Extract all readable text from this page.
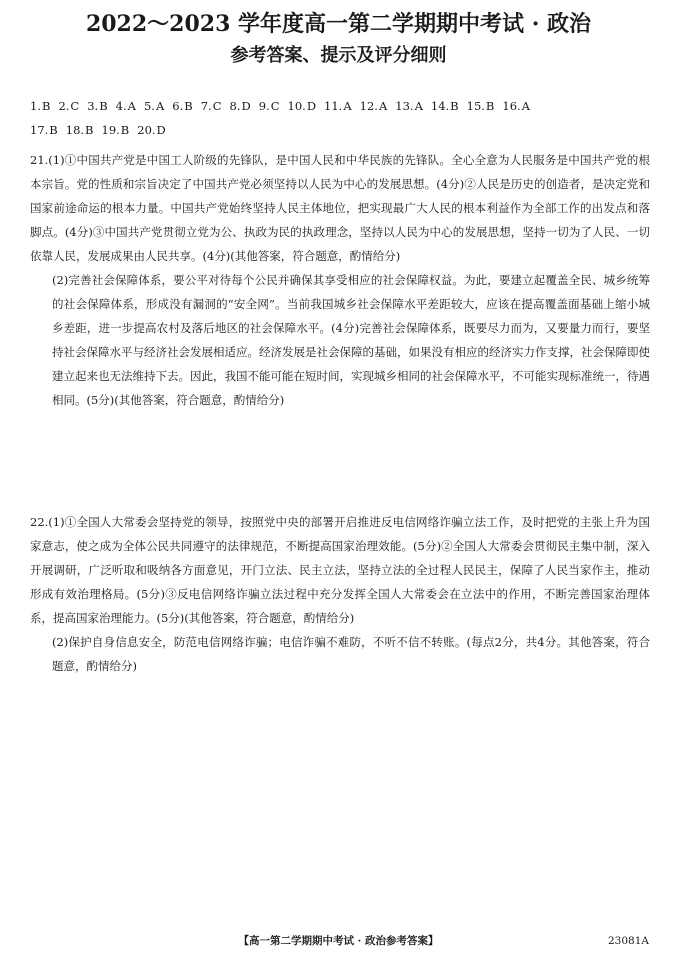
2022～2023 学年度高一第二学期期中考试 · 政治
参考答案、提示及评分细则
1.B 2.C 3.B 4.A 5.A 6.B 7.C 8.D 9.C 10.D 11.A 12.A 13.A 14.B 15.B 16.A
17.B 18.B 19.B 20.D

21.(1)①中国共产党是中国工人阶级的先锋队，是中国人民和中华民族的先锋队。全心全意为人民服务是中国共产党的根本宗旨。党的性质和宗旨决定了中国共产党必须坚持以人民为中心的发展思想。(4分)②人民是历史的创造者，是决定党和国家前途命运的根本力量。中国共产党始终坚持人民主体地位，把实现最广大人民的根本利益作为全部工作的出发点和落脚点。(4分)③中国共产党贯彻立党为公、执政为民的执政理念，坚持以人民为中心的发展思想，坚持一切为了人民、一切依靠人民，发展成果由人民共享。(4分)(其他答案，符合题意，酌情给分)

(2)完善社会保障体系，要公平对待每个公民并确保其享受相应的社会保障权益。为此，要建立起覆盖全民、城乡统筹的社会保障体系，形成没有漏洞的“安全网”。当前我国城乡社会保障水平差距较大，应该在提高覆盖面基础上缩小城乡差距，进一步提高农村及落后地区的社会保障水平。(4分)完善社会保障体系，既要尽力而为，又要量力而行，要坚持社会保障水平与经济社会发展相适应。经济发展是社会保障的基础，如果没有相应的经济实力作支撑，社会保障即使建立起来也无法维持下去。因此，我国不能可能在短时间，实现城乡相同的社会保障水平，不可能实现标准统一，待遇相同。(5分)(其他答案，符合题意，酌情给分)

22.(1)①全国人大常委会坚持党的领导，按照党中央的部署开启推进反电信网络诈骗立法工作，及时把党的主张上升为国家意志，使之成为全体公民共同遵守的法律规范，不断提高国家治理效能。(5分)②全国人大常委会贯彻民主集中制，深入开展调研，广泛听取和吸纳各方面意见，开门立法、民主立法，坚持立法的全过程人民民主，保障了人民当家作主，推动形成有效治理格局。(5分)③反电信网络诈骗立法过程中充分发挥全国人大常委会在立法中的作用，不断完善国家治理体系，提高国家治理能力。(5分)(其他答案，符合题意，酌情给分)

(2)保护自身信息安全，防范电信网络诈骗；电信诈骗不难防，不听不信不转账。(每点2分，共4分。其他答案，符合题意，酌情给分)

【高一第二学期期中考试 · 政治参考答案】	23081A
